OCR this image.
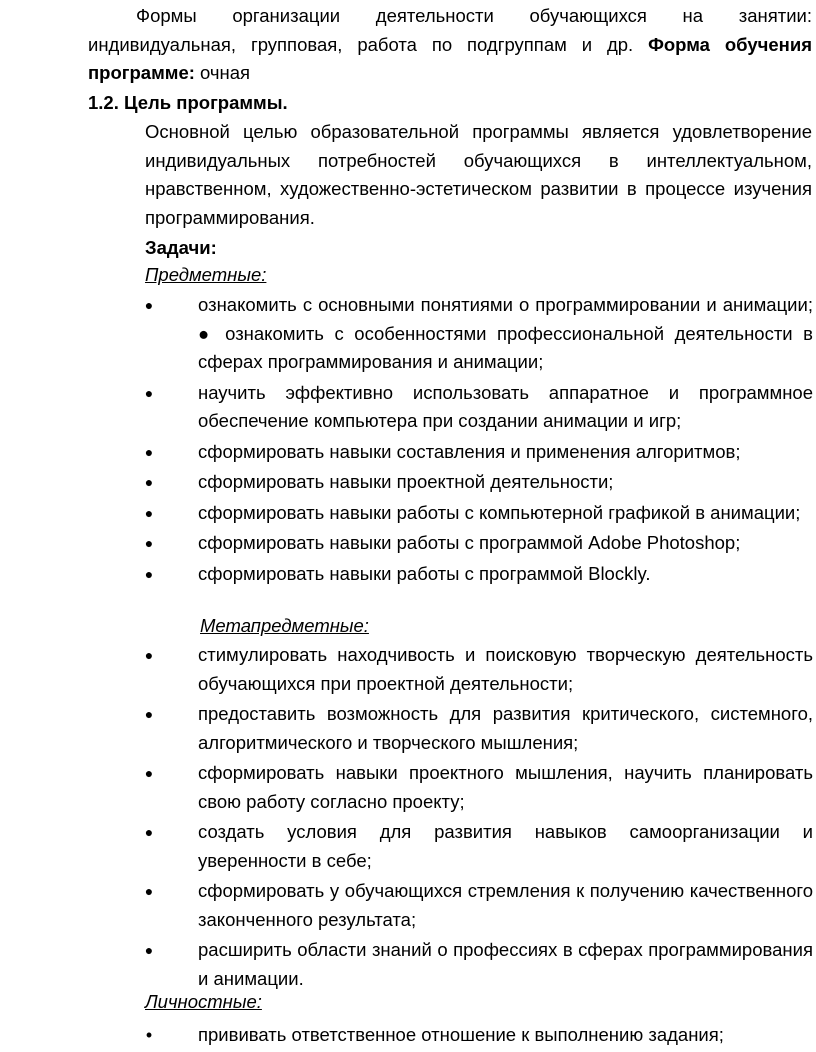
Формы организации деятельности обучающихся на занятии: индивидуальная, групповая, работа по подгруппам и др. Форма обучения программе: очная

1.2. Цель программы.

Основной целью образовательной программы является удовлетворение индивидуальных потребностей обучающихся в интеллектуальном, нравственном, художественно-эстетическом развитии в процессе изучения программирования.

Задачи:

Предметные:
● ознакомить с основными понятиями о программировании и анимации; ● ознакомить с особенностями профессиональной деятельности в сферах программирования и анимации;
● научить эффективно использовать аппаратное и программное обеспечение компьютера при создании анимации и игр;
● сформировать навыки составления и применения алгоритмов;
● сформировать навыки проектной деятельности;
● сформировать навыки работы с компьютерной графикой в анимации;
● сформировать навыки работы с программой Adobe Photoshop;
● сформировать навыки работы с программой Blockly.
Метапредметные:
● стимулировать находчивость и поисковую творческую деятельность обучающихся при проектной деятельности;
● предоставить возможность для развития критического, системного, алгоритмического и творческого мышления;
● сформировать навыки проектного мышления, научить планировать свою работу согласно проекту;
● создать условия для развития навыков самоорганизации и уверенности в себе;
● сформировать у обучающихся стремления к получению качественного законченного результата;
● расширить области знаний о профессиях в сферах программирования и анимации.
Личностные:
• прививать ответственное отношение к выполнению задания;
